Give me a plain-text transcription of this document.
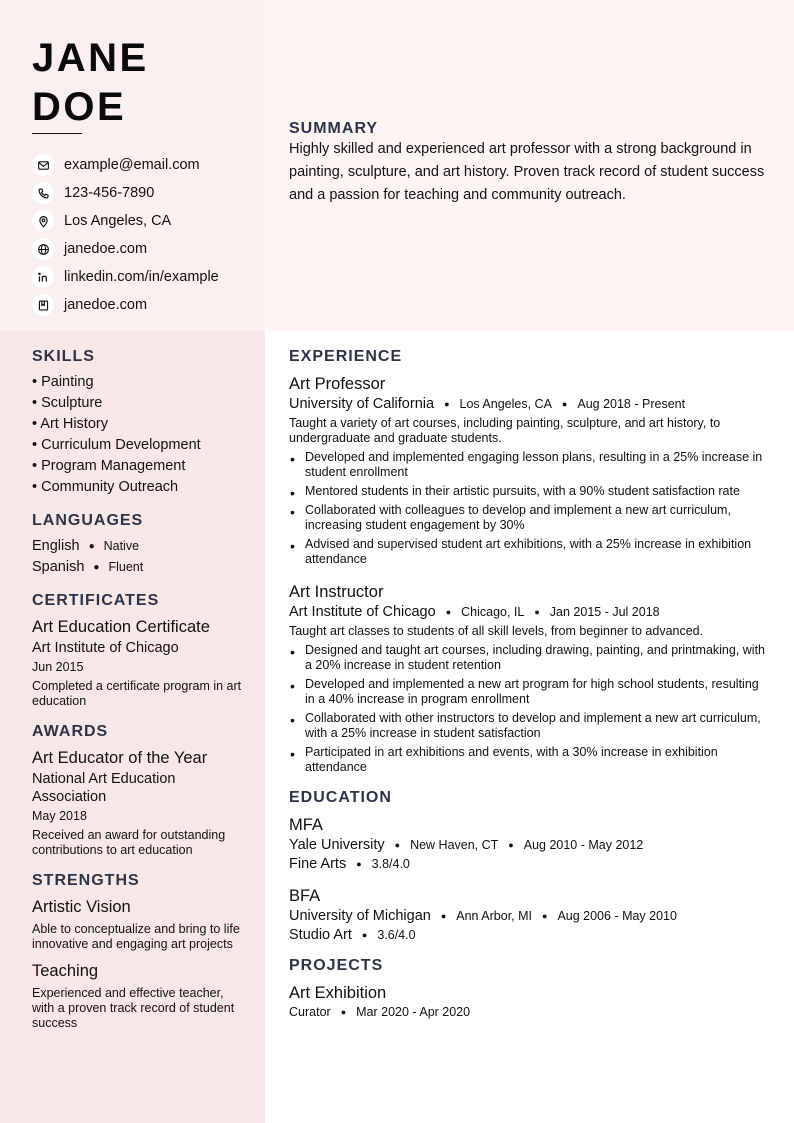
JANE
DOE
example@email.com
123-456-7890
Los Angeles, CA
janedoe.com
linkedin.com/in/example
janedoe.com
SUMMARY

Highly skilled and experienced art professor with a strong background in painting, sculpture, and art history. Proven track record of student success and a passion for teaching and community outreach.

SKILLS
• Painting
• Sculpture
• Art History
• Curriculum Development
• Program Management
• Community Outreach
LANGUAGES
English ● Native
Spanish ● Fluent
CERTIFICATES
Art Education Certificate
Art Institute of Chicago
Jun 2015
Completed a certificate program in art education
AWARDS
Art Educator of the Year
National Art Education Association
May 2018
Received an award for outstanding contributions to art education
STRENGTHS
Artistic Vision
Able to conceptualize and bring to life innovative and engaging art projects
Teaching
Experienced and effective teacher, with a proven track record of student success
EXPERIENCE
Art Professor
University of California ● Los Angeles, CA ● Aug 2018 - Present
Taught a variety of art courses, including painting, sculpture, and art history, to undergraduate and graduate students.
• Developed and implemented engaging lesson plans, resulting in a 25% increase in student enrollment
• Mentored students in their artistic pursuits, with a 90% student satisfaction rate
• Collaborated with colleagues to develop and implement a new art curriculum, increasing student engagement by 30%
• Advised and supervised student art exhibitions, with a 25% increase in exhibition attendance
Art Instructor
Art Institute of Chicago ● Chicago, IL ● Jan 2015 - Jul 2018
Taught art classes to students of all skill levels, from beginner to advanced.
• Designed and taught art courses, including drawing, painting, and printmaking, with a 20% increase in student retention
• Developed and implemented a new art program for high school students, resulting in a 40% increase in program enrollment
• Collaborated with other instructors to develop and implement a new art curriculum, with a 25% increase in student satisfaction
• Participated in art exhibitions and events, with a 30% increase in exhibition attendance
EDUCATION
MFA
Yale University ● New Haven, CT ● Aug 2010 - May 2012
Fine Arts ● 3.8/4.0
BFA
University of Michigan ● Ann Arbor, MI ● Aug 2006 - May 2010
Studio Art ● 3.6/4.0
PROJECTS
Art Exhibition
Curator ● Mar 2020 - Apr 2020
